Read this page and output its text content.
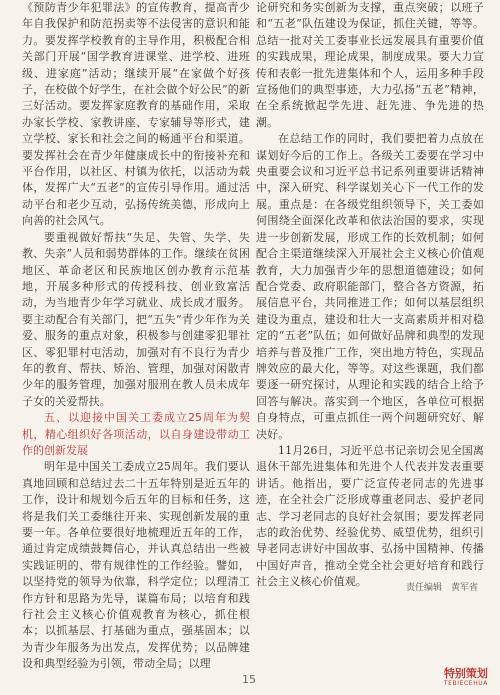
《预防青少年犯罪法》的宣传教育，提高青少年自我保护和防范拐卖等不法侵害的意识和能力。要发挥学校教育的主导作用，积极配合相关部门开展“国学教育进课堂、进学校、进班级、进家庭”活动；继续开展“在家做个好孩子，在校做个好学生，在社会做个好公民”的新三好活动。要发挥家庭教育的基础作用，采取办家长学校、家教讲座、专家辅导等形式，建立学校、家长和社会之间的畅通平台和渠道。要发挥社会在青少年健康成长中的衔接补充和平台作用，以社区、村镇为依托，以活动为载体，发挥广大“五老”的宣传引导作用。通过活动平台和老少互动，弘扬传统美德，形成向上向善的社会风气。

要重视做好帮扶“失足、失管、失学、失教、失亲”人员和弱势群体的工作。继续在贫困地区、革命老区和民族地区创办教育示范基地，开展多种形式的传授科技、创业致富活动，为当地青少年学习就业、成长成才服务。要主动配合有关部门，把“五失”青少年作为关爱、服务的重点对象，积极参与创建零犯罪社区、零犯罪村屯活动，加强对有不良行为青少年的教育、帮扶、矫治、管理，加强对闲散青少年的服务管理，加强对服刑在教人员未成年子女的关爱帮扶。

五、以迎接中国关工委成立25周年为契机，精心组织好各项活动，以自身建设带动工作的创新发展

明年是中国关工委成立25周年。我们要认真地回顾和总结过去二十五年特别是近五年的工作，设计和规划今后五年的目标和任务，这将是我们关工委继往开来、实现创新发展的重要一年。各单位要很好地梳理近五年的工作，通过肯定成绩鼓舞信心，并认真总结出一些被实践证明的、带有规律性的工作经验。譬如，以坚持党的领导为依靠，科学定位；以理清工作方针和思路为先导，谋篇布局；以培育和践行社会主义核心价值观教育为核心，抓住根本；以抓基层、打基础为重点，强基固本；以为青少年服务为出发点，发挥优势；以品牌建设和典型经验为引领，带动全局；以理

论研究和务实创新为支撑，重点突破；以班子和“五老”队伍建设为保证，抓住关键，等等。总结一批对关工委事业长远发展具有重要价值的实践成果，理论成果，制度成果。要大力宣传和表彰一批先进集体和个人，运用多种手段宣扬他们的典型事迹，大力弘扬“五老”精神，在全系统掀起学先进、赶先进、争先进的热潮。

在总结工作的同时，我们要把着力点放在谋划好今后的工作上。各级关工委要在学习中央重要会议和习近平总书记系列重要讲话精神中，深入研究、科学谋划关心下一代工作的发展。重点是：在各级党组织领导下，关工委如何围绕全面深化改革和依法治国的要求，实现进一步创新发展，形成工作的长效机制；如何配合主渠道继续深入开展社会主义核心价值观教育，大力加强青少年的思想道德建设；如何配合党委、政府职能部门，整合各方资源，拓展信息平台，共同推进工作；如何以基层组织建设为重点，建设和壮大一支高素质并相对稳定的“五老”队伍；如何做好品牌和典型的发现培养与普及推广工作，突出地方特色，实现品牌效应的最大化，等等。对这些课题，我们都要逐一研究探讨，从理论和实践的结合上给予回答与解决。落实到一个地区，各单位可根据自身特点，可重点抓住一两个问题研究好、解决好。

11月26日，习近平总书记亲切会见全国离退休干部先进集体和先进个人代表并发表重要讲话。他指出，要广泛宣传老同志的先进事迹，在全社会广泛形成尊重老同志、爱护老同志、学习老同志的良好社会氛围；要发挥老同志的政治优势、经验优势、威望优势，组织引导老同志讲好中国故事、弘扬中国精神、传播中国好声音，推动全党全社会更好培育和践行社会主义核心价值观。	责任编辑　黄军省
15	特别策划
TEBIECEHUA
